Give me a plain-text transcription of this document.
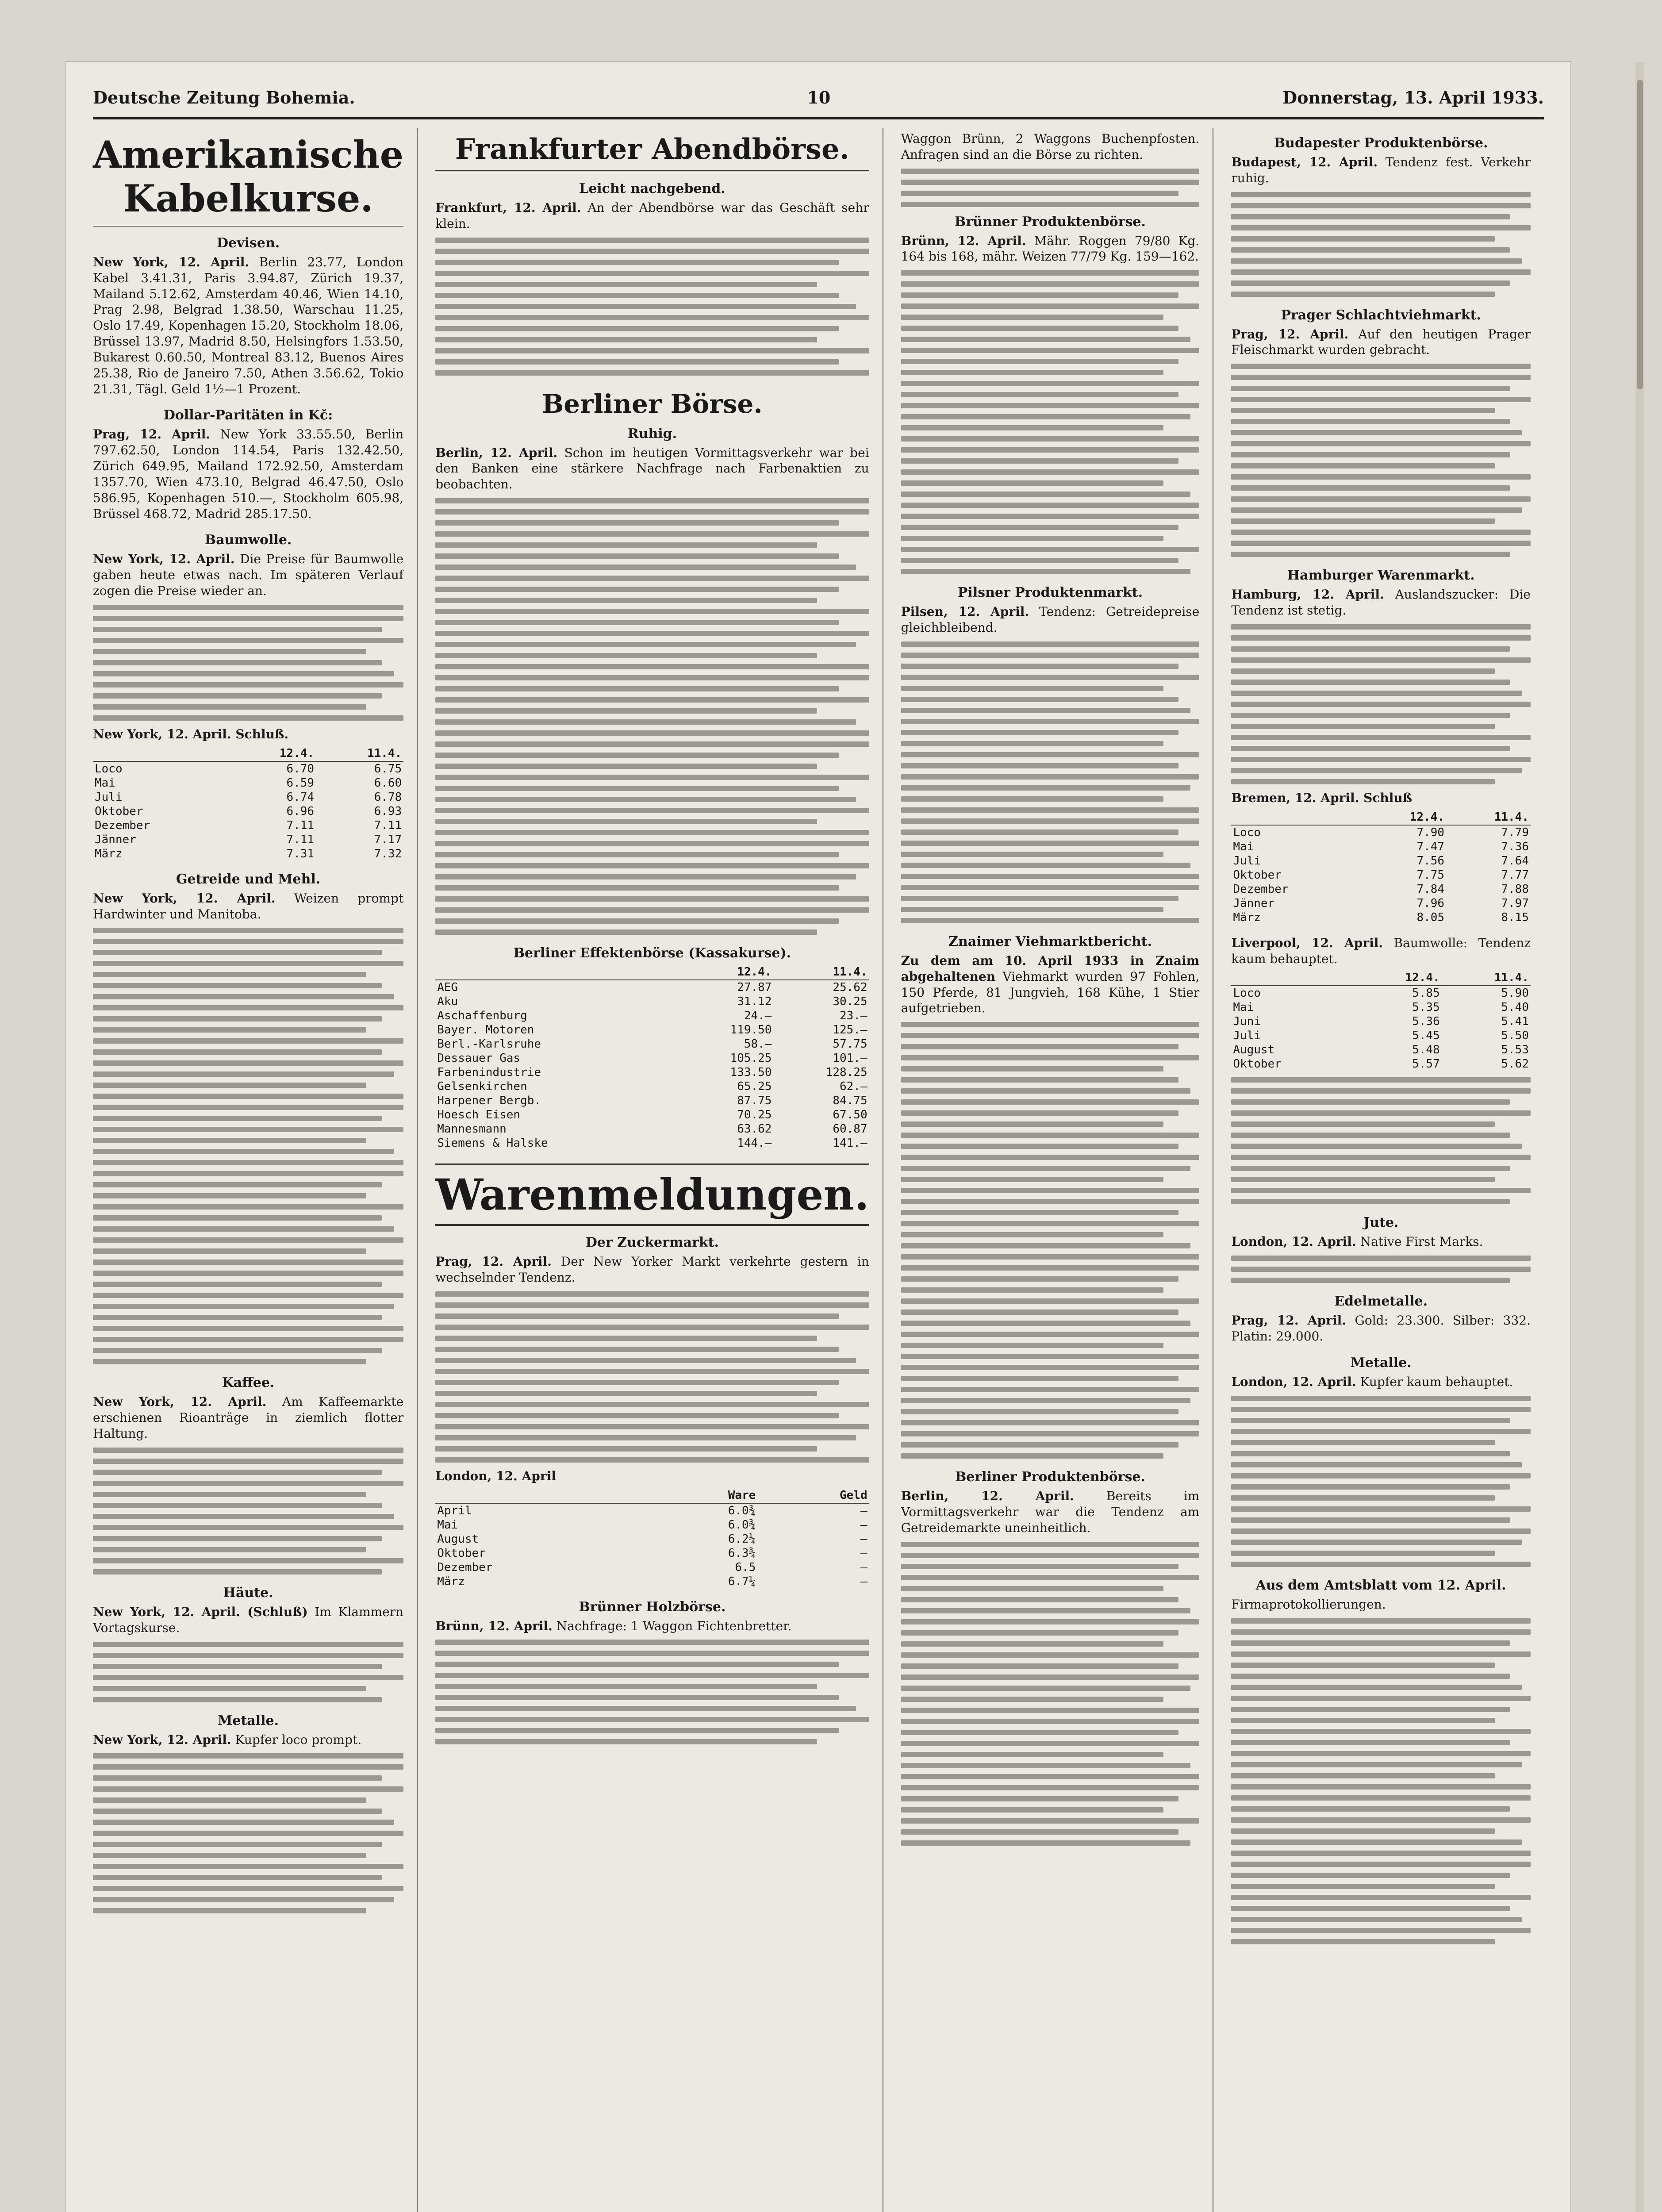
Deutsche Zeitung Bohemia.	10	Donnerstag, 13. April 1933.
Amerikanische Kabelkurse.
Devisen.
New York, 12. April. Berlin 23.77, London Kabel 3.41.31, Paris 3.94.87, Zürich 19.37, Mailand 5.12.62, Amsterdam 40.46, Wien 14.10, Prag 2.98, Belgrad 1.38.50, Warschau 11.25, Oslo 17.49, Kopenhagen 15.20, Stockholm 18.06, Brüssel 13.97, Madrid 8.50, Helsingfors 1.53.50, Bukarest 0.60.50, Montreal 83.12, Buenos Aires 25.38, Rio de Janeiro 7.50, Athen 3.56.62, Tokio 21.31, Tägl. Geld 1½—1 Prozent.
Dollar-Paritäten in Kč:
Prag, 12. April. New York 33.55.50, Berlin 797.62.50, London 114.54, Paris 132.42.50, Zürich 649.95, Mailand 172.92.50, Amsterdam 1357.70, Wien 473.10, Belgrad 46.47.50, Oslo 586.95, Kopenhagen 510.—, Stockholm 605.98, Brüssel 468.72, Madrid 285.17.50.
Baumwolle.
New York, 12. April. Die Preise für Baumwolle gaben heute etwas nach. Im späteren Verlauf zogen die Preise wieder an.
New York, 12. April. Schluß.
	12.4.	11.4.
Loco	6.70	6.75
Mai	6.59	6.60
Juli	6.74	6.78
Oktober	6.96	6.93
Dezember	7.11	7.11
Jänner	7.11	7.17
März	7.31	7.32
Getreide und Mehl.
New York, 12. April. Weizen prompt Hardwinter und Manitoba.
Kaffee.
New York, 12. April. Am Kaffeemarkte erschienen Rioanträge in ziemlich flotter Haltung.
Häute.
New York, 12. April. (Schluß) Im Klammern Vortagskurse.
Metalle.
New York, 12. April. Kupfer loco prompt.
Frankfurter Abendbörse.
Leicht nachgebend.
Frankfurt, 12. April. An der Abendbörse war das Geschäft sehr klein.
Berliner Börse.
Ruhig.
Berlin, 12. April. Schon im heutigen Vormittagsverkehr war bei den Banken eine stärkere Nachfrage nach Farbenaktien zu beobachten.
Berliner Effektenbörse (Kassakurse).
	12.4.	11.4.
AEG	27.87	25.62
Aku	31.12	30.25
Aschaffenburg	24.—	23.—
Bayer. Motoren	119.50	125.—
Berl.-Karlsruhe	58.—	57.75
Dessauer Gas	105.25	101.—
Farbenindustrie	133.50	128.25
Gelsenkirchen	65.25	62.—
Harpener Bergb.	87.75	84.75
Hoesch Eisen	70.25	67.50
Mannesmann	63.62	60.87
Siemens & Halske	144.—	141.—
Warenmeldungen.
Der Zuckermarkt.
Prag, 12. April. Der New Yorker Markt verkehrte gestern in wechselnder Tendenz.
London, 12. April
	Ware	Geld
April	6.0¾	—
Mai	6.0¾	—
August	6.2¼	—
Oktober	6.3¾	—
Dezember	6.5	—
März	6.7¼	—
Brünner Holzbörse.
Brünn, 12. April. Nachfrage: 1 Waggon Fichtenbretter.
Waggon Brünn, 2 Waggons Buchenpfosten. Anfragen sind an die Börse zu richten.
Brünner Produktenbörse.
Brünn, 12. April. Mähr. Roggen 79/80 Kg. 164 bis 168, mähr. Weizen 77/79 Kg. 159—162.
Pilsner Produktenmarkt.
Pilsen, 12. April. Tendenz: Getreidepreise gleichbleibend.
Znaimer Viehmarktbericht.
Zu dem am 10. April 1933 in Znaim abgehaltenen Viehmarkt wurden 97 Fohlen, 150 Pferde, 81 Jungvieh, 168 Kühe, 1 Stier aufgetrieben.
Berliner Produktenbörse.
Berlin, 12. April.	Bereits im Vormittagsverkehr war die Tendenz am Getreidemarkte uneinheitlich.
Budapester Produktenbörse.
Budapest, 12. April. Tendenz fest. Verkehr ruhig.
Prager Schlachtviehmarkt.
Prag, 12. April. Auf den heutigen Prager Fleischmarkt wurden gebracht.
Hamburger Warenmarkt.
Hamburg, 12. April. Auslandszucker: Die Tendenz ist stetig.
Bremen, 12. April. Schluß
	12.4.	11.4.
Loco	7.90	7.79
Mai	7.47	7.36
Juli	7.56	7.64
Oktober	7.75	7.77
Dezember	7.84	7.88
Jänner	7.96	7.97
März	8.05	8.15
Liverpool, 12. April. Baumwolle: Tendenz kaum behauptet.
	12.4.	11.4.
Loco	5.85	5.90
Mai	5.35	5.40
Juni	5.36	5.41
Juli	5.45	5.50
August	5.48	5.53
Oktober	5.57	5.62
Jute.
London, 12. April. Native First Marks.
Edelmetalle.
Prag, 12. April. Gold: 23.300. Silber: 332. Platin: 29.000.
Metalle.
London, 12. April. Kupfer kaum behauptet.
Aus dem Amtsblatt vom 12. April.
Firmaprotokollierungen.
